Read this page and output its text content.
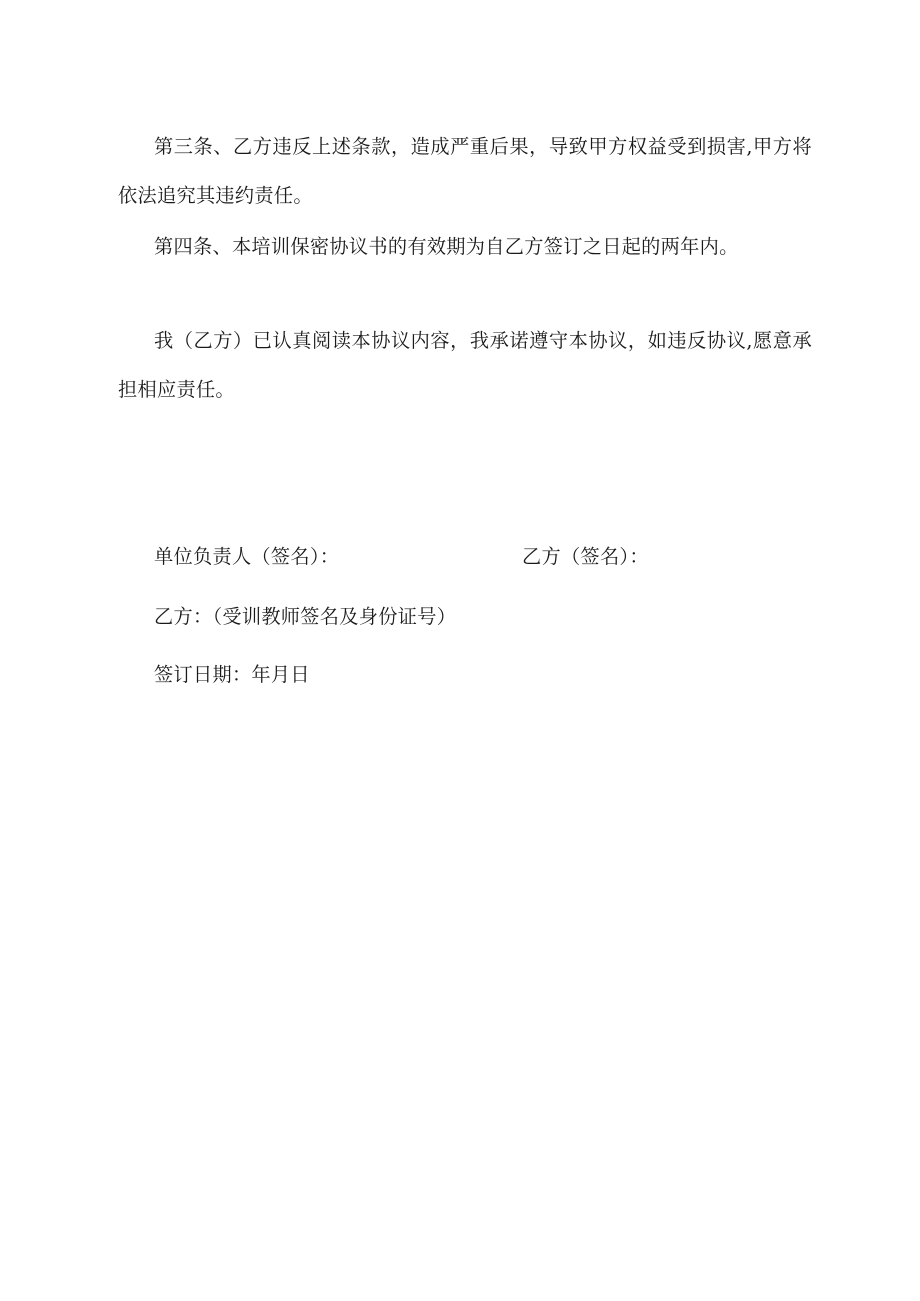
第三条、乙方违反上述条款，造成严重后果，导致甲方权益受到损害,甲方将依法追究其违约责任。

第四条、本培训保密协议书的有效期为自乙方签订之日起的两年内。

我（乙方）已认真阅读本协议内容，我承诺遵守本协议，如违反协议,愿意承担相应责任。

单位负责人（签名）：	乙方（签名）：
乙方：（受训教师签名及身份证号）
签订日期：年月日
